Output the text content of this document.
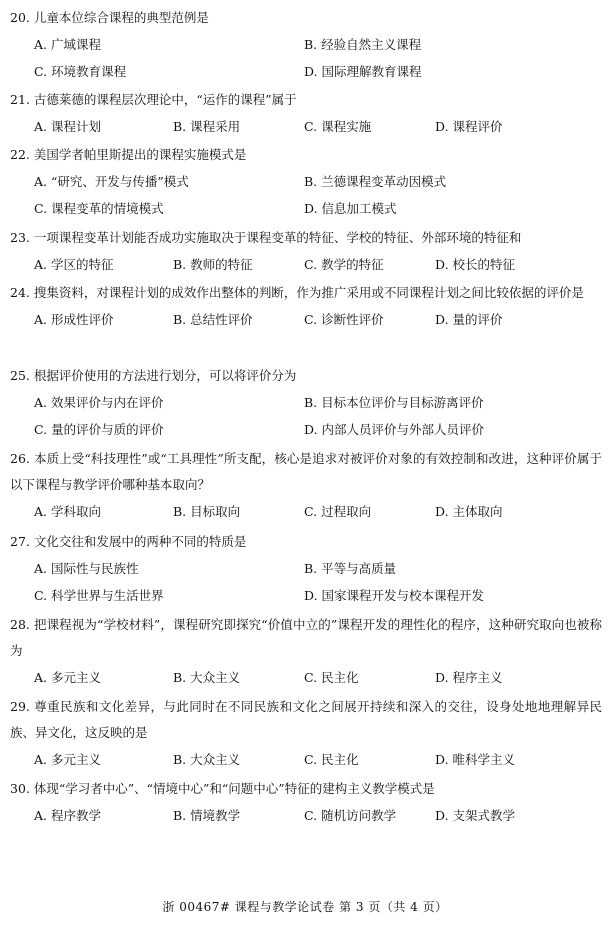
20. 儿童本位综合课程的典型范例是
A. 广域课程	B. 经验自然主义课程
C. 环境教育课程	D. 国际理解教育课程
21. 古德莱德的课程层次理论中，“运作的课程”属于
A. 课程计划	B. 课程采用	C. 课程实施	D. 课程评价
22. 美国学者帕里斯提出的课程实施模式是
A. “研究、开发与传播”模式	B. 兰德课程变革动因模式
C. 课程变革的情境模式	D. 信息加工模式
23. 一项课程变革计划能否成功实施取决于课程变革的特征、学校的特征、外部环境的特征和
A. 学区的特征	B. 教师的特征	C. 教学的特征	D. 校长的特征
24. 搜集资料，对课程计划的成效作出整体的判断，作为推广采用或不同课程计划之间比较依据的评价是
A. 形成性评价	B. 总结性评价	C. 诊断性评价	D. 量的评价
25. 根据评价使用的方法进行划分，可以将评价分为
A. 效果评价与内在评价	B. 目标本位评价与目标游离评价
C. 量的评价与质的评价	D. 内部人员评价与外部人员评价
26. 本质上受“科技理性”或“工具理性”所支配，核心是追求对被评价对象的有效控制和改进，这种评价属于以下课程与教学评价哪种基本取向？
A. 学科取向	B. 目标取向	C. 过程取向	D. 主体取向
27. 文化交往和发展中的两种不同的特质是
A. 国际性与民族性	B. 平等与高质量
C. 科学世界与生活世界	D. 国家课程开发与校本课程开发
28. 把课程视为“学校材料”，课程研究即探究“价值中立的”课程开发的理性化的程序，这种研究取向也被称为
A. 多元主义	B. 大众主义	C. 民主化	D. 程序主义
29. 尊重民族和文化差异，与此同时在不同民族和文化之间展开持续和深入的交往，设身处地地理解异民族、异文化，这反映的是
A. 多元主义	B. 大众主义	C. 民主化	D. 唯科学主义
30. 体现“学习者中心”、“情境中心”和“问题中心”特征的建构主义教学模式是
A. 程序教学	B. 情境教学	C. 随机访问教学	D. 支架式教学
浙 00467# 课程与教学论试卷 第 3 页（共 4 页）
